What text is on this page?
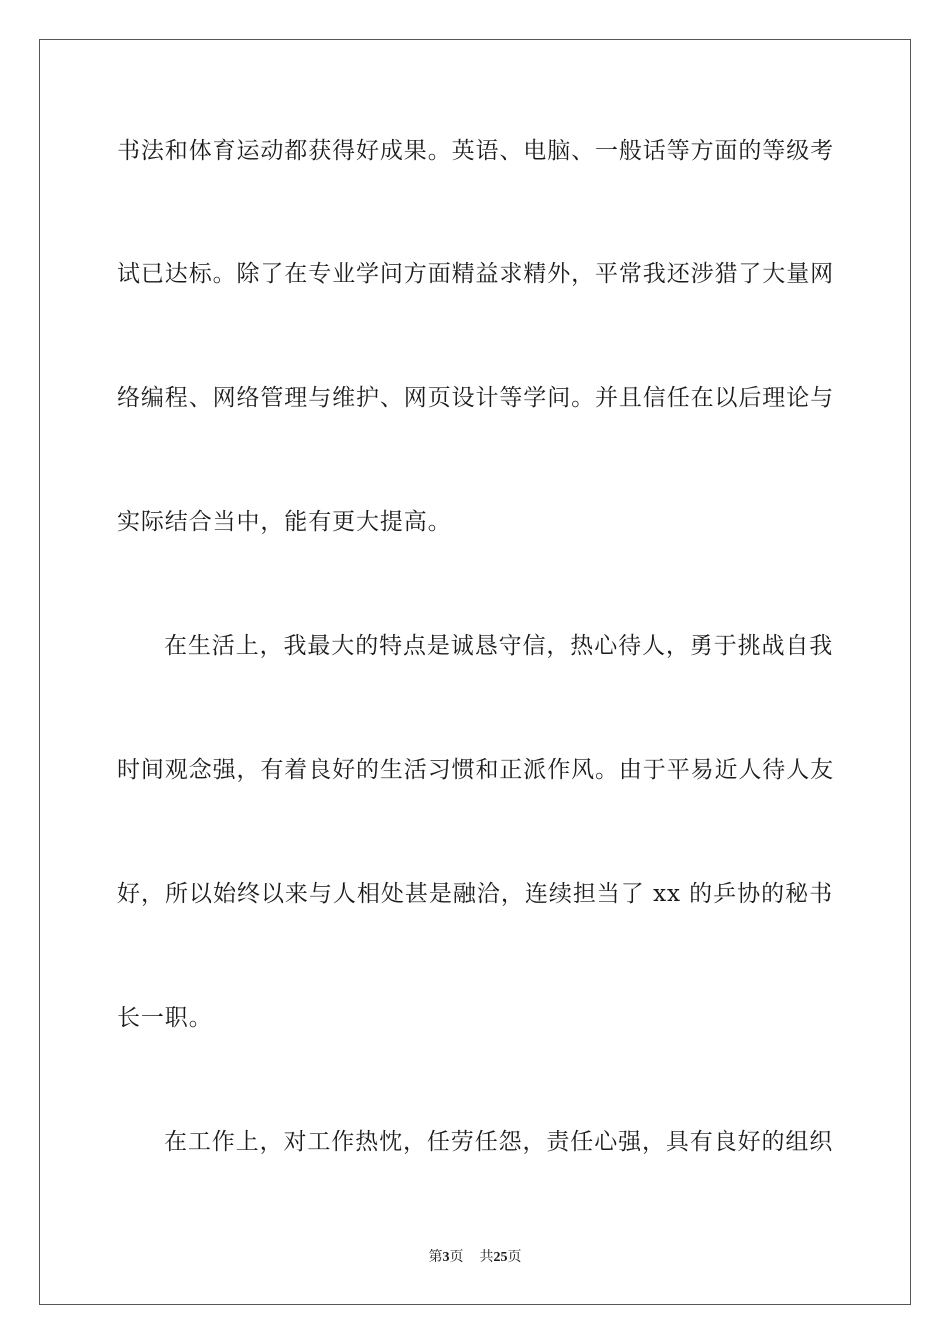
书法和体育运动都获得好成果。英语、电脑、一般话等方面的等级考
试已达标。除了在专业学问方面精益求精外，平常我还涉猎了大量网
络编程、网络管理与维护、网页设计等学问。并且信任在以后理论与
实际结合当中，能有更大提高。
在生活上，我最大的特点是诚恳守信，热心待人，勇于挑战自我
时间观念强，有着良好的生活习惯和正派作风。由于平易近人待人友
好，所以始终以来与人相处甚是融洽，连续担当了 xx 的乒协的秘书
长一职。
在工作上，对工作热忱，任劳任怨，责任心强，具有良好的组织
第3页 共25页
